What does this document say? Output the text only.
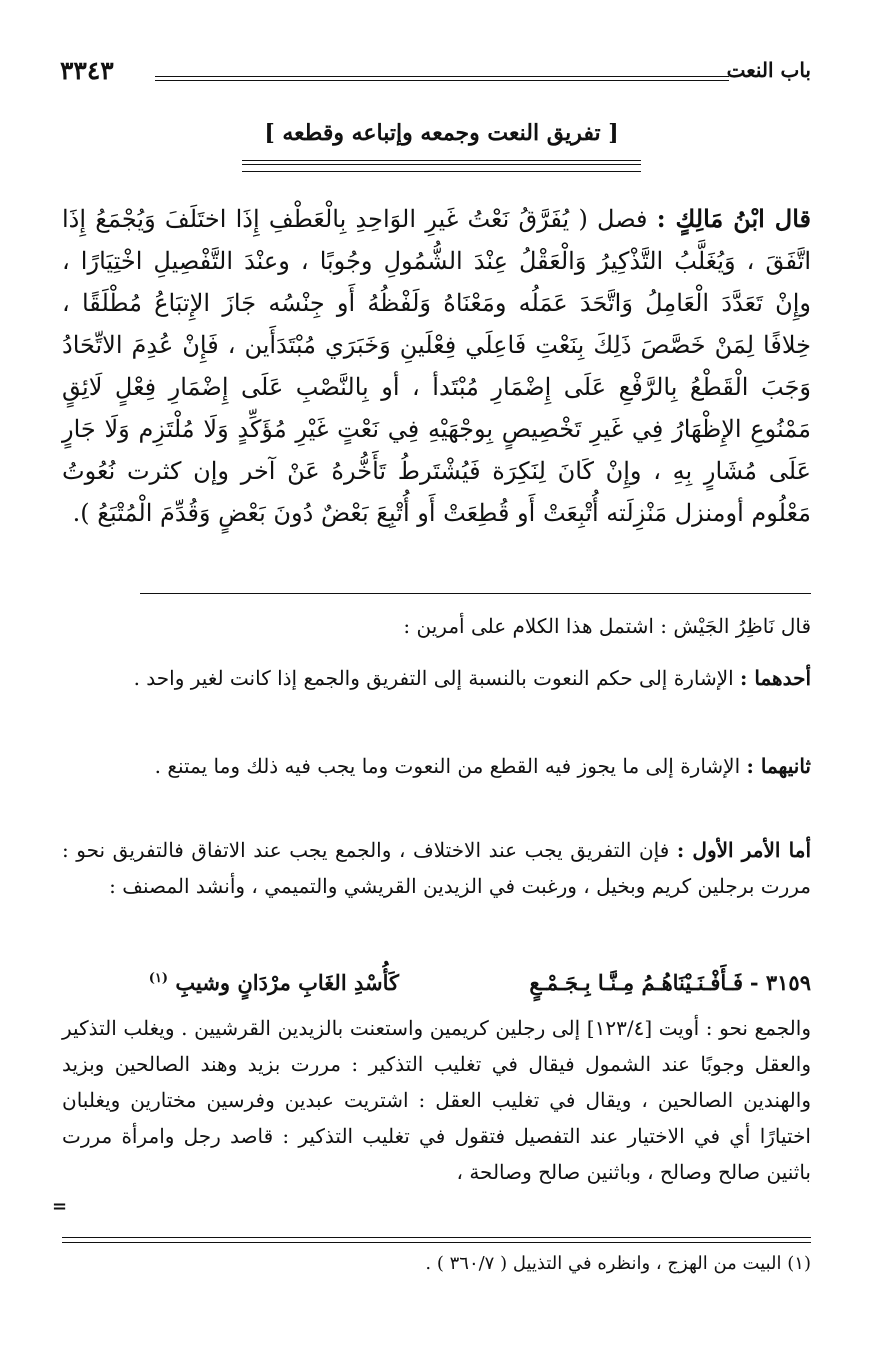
باب النعت
٣٣٤٣
[ تفريق النعت وجمعه وإتباعه وقطعه ]

قال ابْنُ مَالِكٍ : فصل ( يُفَرَّقُ نَعْتُ غَيرِ الوَاحِدِ بِالْعَطْفِ إِذَا اختَلَفَ وَيُجْمَعُ إِذَا اتَّفَقَ ، وَيُغَلَّبُ التَّذْكِيرُ وَالْعَقْلُ عِنْدَ الشُّمُولِ وجُوبًا ، وعنْدَ التَّفْصِيلِ اخْتِيَارًا ، وإِنْ تَعَدَّدَ الْعَامِلُ وَاتَّحَدَ عَمَلُه ومَعْنَاهُ وَلَفْظُهُ أَو جِنْسُه جَازَ الإِتبَاعُ مُطْلَقًا ، خِلافًا لِمَنْ خَصَّصَ ذَلِكَ بِنَعْتِ فَاعِلَي فِعْلَينِ وَخَبَرَي مُبْتَدَأَين ، فَإِنْ عُدِمَ الاتِّحَادُ وَجَبَ الْقَطْعُ بِالرَّفْعِ عَلَى إِضْمَارِ مُبْتَدأ ، أو بِالنَّصْبِ عَلَى إِضْمَارِ فِعْلٍ لَائِقٍ مَمْنُوعِ الإِظْهَارُ فِي غَيرِ تَخْصِيصٍ بِوجْهَيْهِ فِي نَعْتٍ غَيْرِ مُؤَكِّدٍ وَلَا مُلْتَزِم وَلَا جَارٍ عَلَى مُشَارٍ بِهِ ، وإِنْ كَانَ لِنَكِرَة فَيُشْتَرطُ تَأَخُّرهُ عَنْ آخر وإن كثرت نُعُوتُ مَعْلُوم أومنزل مَنْزِلَته أُتْبِعَتْ أَو قُطِعَتْ أَو أُتْبِعَ بَعْضٌ دُونَ بَعْضٍ وَقُدِّمَ الْمُتْبَعُ ).

قال نَاظِرُ الجَيْش : اشتمل هذا الكلام على أمرين :

أحدهما : الإشارة إلى حكم النعوت بالنسبة إلى التفريق والجمع إذا كانت لغير واحد .

ثانيهما : الإشارة إلى ما يجوز فيه القطع من النعوت وما يجب فيه ذلك وما يمتنع .

أما الأمر الأول : فإن التفريق يجب عند الاختلاف ، والجمع يجب عند الاتفاق فالتفريق نحو : مررت برجلين كريم وبخيل ، ورغبت في الزيدين القريشي والتميمي ، وأنشد المصنف :

٣١٥٩ -
فَـأَفْـنَـيْنَاهُـمُ مِـنَّـا بِـجَـمْـعٍ
كَأُسْدِ الغَابِ مرْدَانٍ وشيبِ $^{(١)}$

والجمع نحو : أويت [١٢٣/٤] إلى رجلين كريمين واستعنت بالزيدين القرشيين . ويغلب التذكير والعقل وجوبًا عند الشمول فيقال في تغليب التذكير : مررت بزيد وهند الصالحين وبزيد والهندين الصالحين ، ويقال في تغليب العقل : اشتريت عبدين وفرسين مختارين ويغلبان اختيارًا أي في الاختيار عند التفصيل فتقول في تغليب التذكير : قاصد رجل وامرأة مررت باثنين صالح وصالح ، وباثنين صالح وصالحة ،

=
(١) البيت من الهزج ، وانظره في التذييل ( ٣٦٠/٧ ) .
